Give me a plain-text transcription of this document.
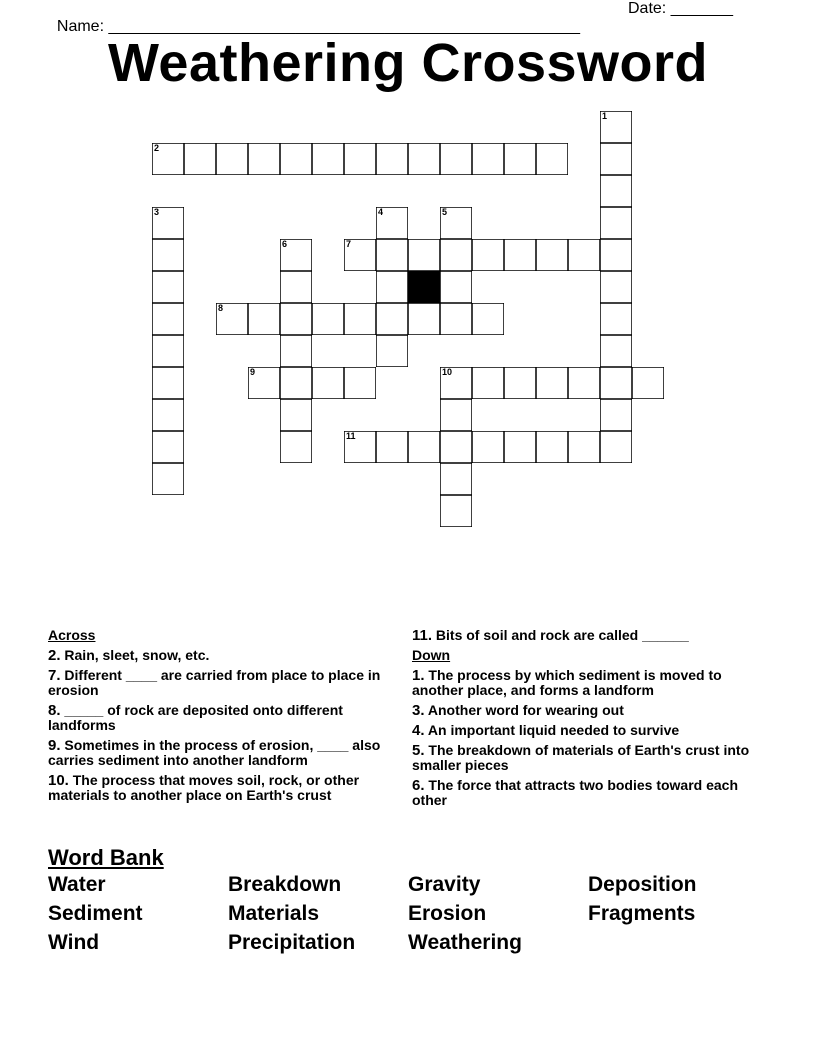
Name: _____________________________________________________

Date: _______

Weathering Crossword
1
2
3	4	5
6	7
8
9	10
11
Across
2. Rain, sleet, snow, etc.
7. Different ____ are carried from place to place in erosion
8. _____ of rock are deposited onto different landforms
9. Sometimes in the process of erosion, ____ also carries sediment into another landform
10. The process that moves soil, rock, or other materials to another place on Earth's crust
11. Bits of soil and rock are called ______
Down
1. The process by which sediment is moved to another place, and forms a landform
3. Another word for wearing out
4. An important liquid needed to survive
5. The breakdown of materials of Earth's crust into smaller pieces
6. The force that attracts two bodies toward each other
Word Bank
Water	Breakdown	Gravity	Deposition
Sediment	Materials	Erosion	Fragments
Wind	Precipitation	Weathering
